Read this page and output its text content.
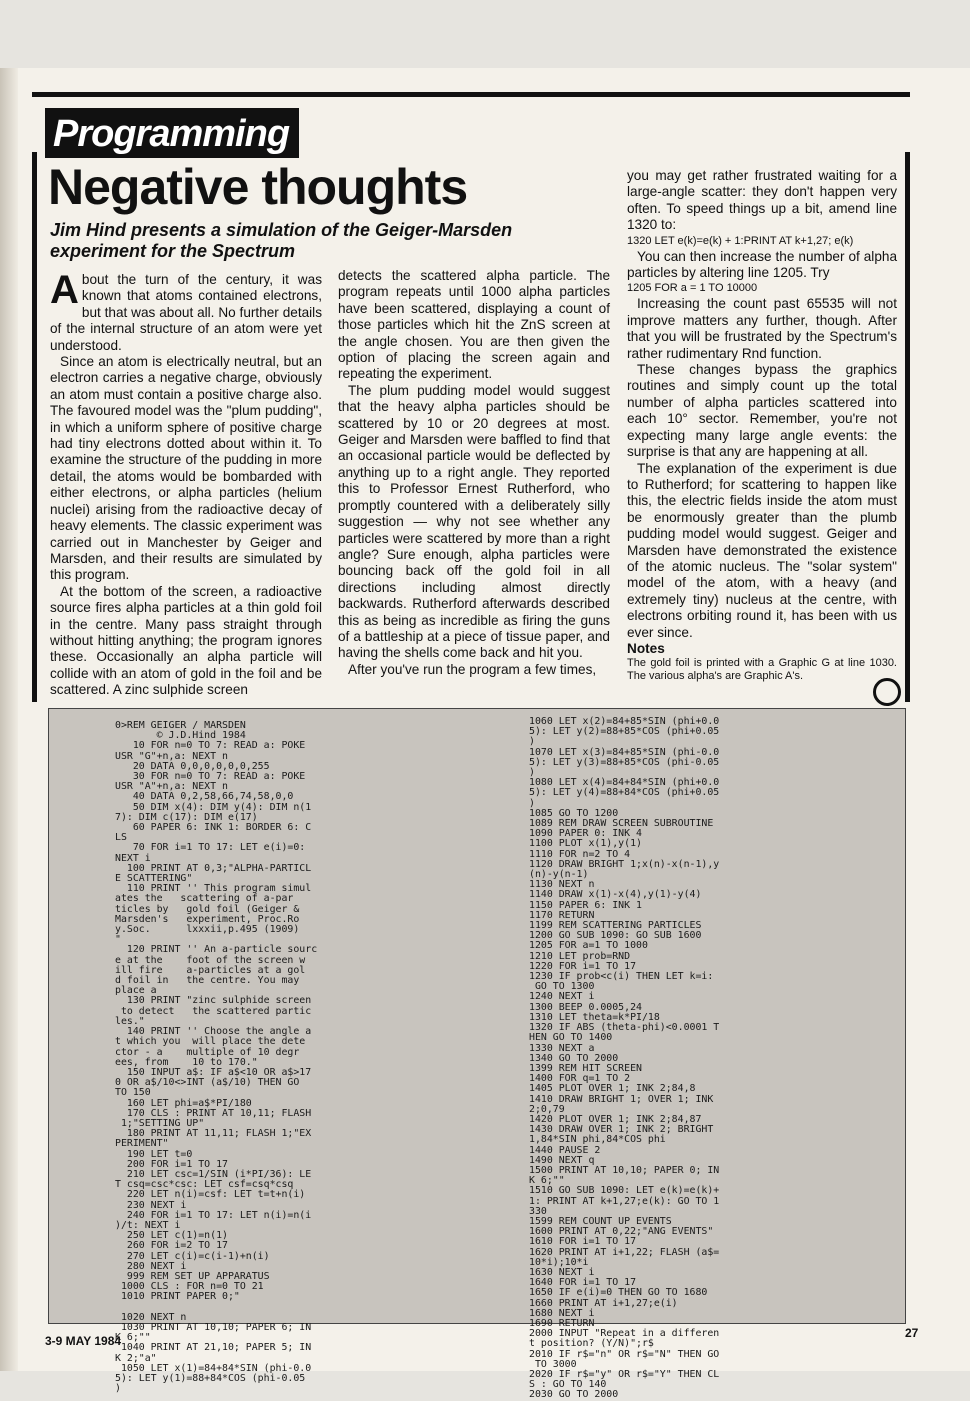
Programming
Negative thoughts

Jim Hind presents a simulation of the Geiger-Marsden experiment for the Spectrum

About the turn of the century, it was known that atoms contained electrons, but that was about all. No further details of the internal structure of an atom were yet understood.

Since an atom is electrically neutral, but an electron carries a negative charge, obviously an atom must contain a positive charge also. The favoured model was the "plum pudding", in which a uniform sphere of positive charge had tiny electrons dotted about within it. To examine the structure of the pudding in more detail, the atoms would be bombarded with either electrons, or alpha particles (helium nuclei) arising from the radioactive decay of heavy elements. The classic experiment was carried out in Manchester by Geiger and Marsden, and their results are simulated by this program.

At the bottom of the screen, a radioactive source fires alpha particles at a thin gold foil in the centre. Many pass straight through without hitting anything; the program ignores these. Occasionally an alpha particle will collide with an atom of gold in the foil and be scattered. A zinc sulphide screen

detects the scattered alpha particle. The program repeats until 1000 alpha particles have been scattered, displaying a count of those particles which hit the ZnS screen at the angle chosen. You are then given the option of placing the screen again and repeating the experiment.

The plum pudding model would suggest that the heavy alpha particles should be scattered by 10 or 20 degrees at most. Geiger and Marsden were baffled to find that an occasional particle would be deflected by anything up to a right angle. They reported this to Professor Ernest Rutherford, who promptly countered with a deliberately silly suggestion — why not see whether any particles were scattered by more than a right angle? Sure enough, alpha particles were bouncing back off the gold foil in all directions including almost directly backwards. Rutherford afterwards described this as being as incredible as firing the guns of a battleship at a piece of tissue paper, and having the shells come back and hit you.

After you've run the program a few times,

you may get rather frustrated waiting for a large-angle scatter: they don't happen very often. To speed things up a bit, amend line 1320 to:

1320 LET e(k)=e(k) + 1:PRINT AT k+1,27; e(k)

You can then increase the number of alpha particles by altering line 1205. Try

1205 FOR a = 1 TO 10000

Increasing the count past 65535 will not improve matters any further, though. After that you will be frustrated by the Spectrum's rather rudimentary Rnd function.

These changes bypass the graphics routines and simply count up the total number of alpha particles scattered into each 10° sector. Remember, you're not expecting many large angle events: the surprise is that any are happening at all.

The explanation of the experiment is due to Rutherford; for scattering to happen like this, the electric fields inside the atom must be enormously greater than the plumb pudding model would suggest. Geiger and Marsden have demonstrated the existence of the atomic nucleus. The "solar system" model of the atom, with a heavy (and extremely tiny) nucleus at the centre, with electrons orbiting round it, has been with us ever since.

Notes

The gold foil is printed with a Graphic G at line 1030. The various alpha's are Graphic A's.

0>REM GEIGER / MARSDEN
© J.D.Hind 1984
10 FOR n=0 TO 7: READ a: POKE
USR "G"+n,a: NEXT n
20 DATA 0,0,0,0,0,0,255
30 FOR n=0 TO 7: READ a: POKE
USR "A"+n,a: NEXT n
40 DATA 0,2,58,66,74,58,0,0
50 DIM x(4): DIM y(4): DIM n(1
7): DIM c(17): DIM e(17)
60 PAPER 6: INK 1: BORDER 6: C
LS
70 FOR i=1 TO 17: LET e(i)=0:
NEXT i
100 PRINT AT 0,3;"ALPHA-PARTICL
E SCATTERING"
110 PRINT '' This program simul
ates the   scattering of a-par
ticles by   gold foil (Geiger &
Marsden's   experiment, Proc.Ro
y.Soc.      lxxxii,p.495 (1909)
"
120 PRINT '' An a-particle sourc
e at the    foot of the screen w
ill fire    a-particles at a gol
d foil in   the centre. You may
place a
130 PRINT "zinc sulphide screen
to detect   the scattered partic
les."
140 PRINT '' Choose the angle a
t which you  will place the dete
ctor - a    multiple of 10 degr
ees, from    10 to 170."
150 INPUT a$: IF a$<10 OR a$>17
0 OR a$/10<>INT (a$/10) THEN GO
TO 150
160 LET phi=a$*PI/180
170 CLS : PRINT AT 10,11; FLASH
1;"SETTING UP"
180 PRINT AT 11,11; FLASH 1;"EX
PERIMENT"
190 LET t=0
200 FOR i=1 TO 17
210 LET csc=1/SIN (i*PI/36): LE
T csq=csc*csc: LET csf=csq*csq
220 LET n(i)=csf: LET t=t+n(i)
230 NEXT i
240 FOR i=1 TO 17: LET n(i)=n(i
)/t: NEXT i
250 LET c(1)=n(1)
260 FOR i=2 TO 17
270 LET c(i)=c(i-1)+n(i)
280 NEXT i
999 REM SET UP APPARATUS
1000 CLS : FOR n=0 TO 21
1010 PRINT PAPER 0;"

1020 NEXT n
1030 PRINT AT 10,10; PAPER 6; IN
K 6;""
1040 PRINT AT 21,10; PAPER 5; IN
K 2;"a"
1050 LET x(1)=84+84*SIN (phi-0.0
5): LET y(1)=88+84*COS (phi-0.05
)
1060 LET x(2)=84+85*SIN (phi+0.0
5): LET y(2)=88+85*COS (phi+0.05
)
1070 LET x(3)=84+85*SIN (phi-0.0
5): LET y(3)=88+85*COS (phi-0.05
)
1080 LET x(4)=84+84*SIN (phi+0.0
5): LET y(4)=88+84*COS (phi+0.05
)
1085 GO TO 1200
1089 REM DRAW SCREEN SUBROUTINE
1090 PAPER 0: INK 4
1100 PLOT x(1),y(1)
1110 FOR n=2 TO 4
1120 DRAW BRIGHT 1;x(n)-x(n-1),y
(n)-y(n-1)
1130 NEXT n
1140 DRAW x(1)-x(4),y(1)-y(4)
1150 PAPER 6: INK 1
1170 RETURN
1199 REM SCATTERING PARTICLES
1200 GO SUB 1090: GO SUB 1600
1205 FOR a=1 TO 1000
1210 LET prob=RND
1220 FOR i=1 TO 17
1230 IF prob<c(i) THEN LET k=i:
GO TO 1300
1240 NEXT i
1300 BEEP 0.0005,24
1310 LET theta=k*PI/18
1320 IF ABS (theta-phi)<0.0001 T
HEN GO TO 1400
1330 NEXT a
1340 GO TO 2000
1399 REM HIT SCREEN
1400 FOR q=1 TO 2
1405 PLOT OVER 1; INK 2;84,8
1410 DRAW BRIGHT 1; OVER 1; INK
2;0,79
1420 PLOT OVER 1; INK 2;84,87
1430 DRAW OVER 1; INK 2; BRIGHT
1,84*SIN phi,84*COS phi
1440 PAUSE 2
1490 NEXT q
1500 PRINT AT 10,10; PAPER 0; IN
K 6;""
1510 GO SUB 1090: LET e(k)=e(k)+
1: PRINT AT k+1,27;e(k): GO TO 1
330
1599 REM COUNT UP EVENTS
1600 PRINT AT 0,22;"ANG EVENTS"
1610 FOR i=1 TO 17
1620 PRINT AT i+1,22; FLASH (a$=
10*i);10*i
1630 NEXT i
1640 FOR i=1 TO 17
1650 IF e(i)=0 THEN GO TO 1680
1660 PRINT AT i+1,27;e(i)
1680 NEXT i
1690 RETURN
2000 INPUT "Repeat in a differen
t position? (Y/N)";r$
2010 IF r$="n" OR r$="N" THEN GO
TO 3000
2020 IF r$="y" OR r$="Y" THEN CL
S : GO TO 140
2030 GO TO 2000
3-9 MAY 1984
27
